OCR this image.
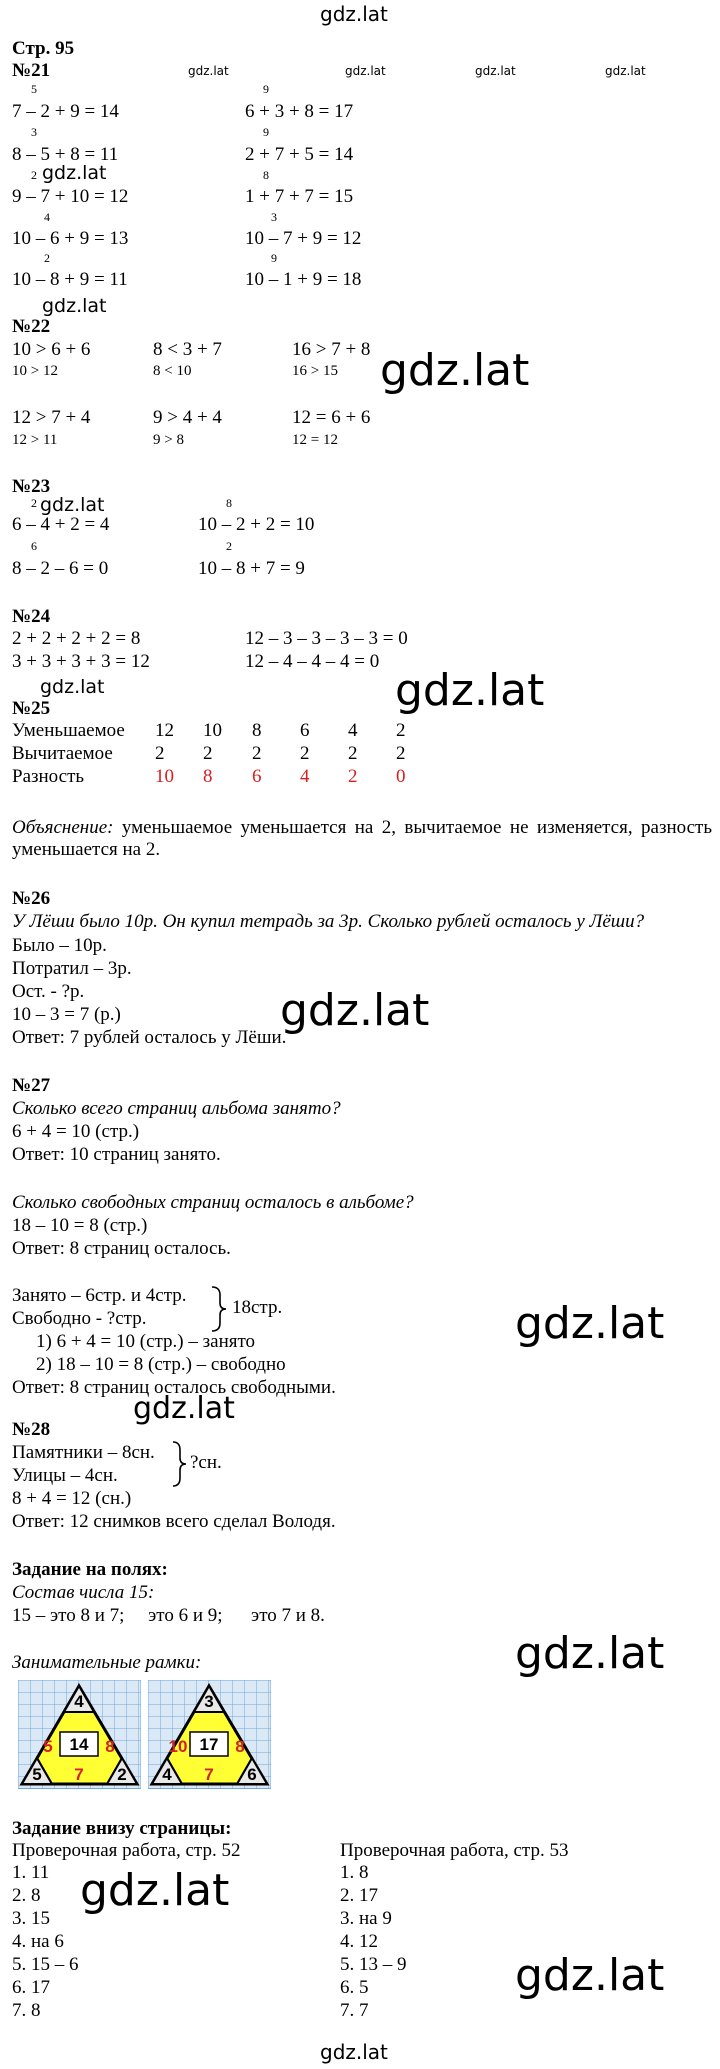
gdz.lat
Стр. 95
№21	gdz.lat	gdz.lat	gdz.lat	gdz.lat
5
7 – 2 + 9 = 14
3
8 – 5 + 8 = 11
2
9 – 7 + 10 = 12
4
10 – 6 + 9 = 13
2
10 – 8 + 9 = 11
gdz.lat
9
6 + 3 + 8 = 17
9
2 + 7 + 5 = 14
8
1 + 7 + 7 = 15
3
10 – 7 + 9 = 12
9
10 – 1 + 9 = 18
gdz.lat
№22
10 > 6 + 6
10 > 12
8 < 3 + 7
8 < 10
16 > 7 + 8
16 > 15
12 > 7 + 4
12 > 11
9 > 4 + 4
9 > 8
12 = 6 + 6
12 = 12
gdz.lat
№23
gdz.lat
2
6 – 4 + 2 = 4
6
8 – 2 – 6 = 0
8
10 – 2 + 2 = 10
2
10 – 8 + 7 = 9
№24
2 + 2 + 2 + 2 = 8
3 + 3 + 3 + 3 = 12
12 – 3 – 3 – 3 – 3 = 0
12 – 4 – 4 – 4 = 0
gdz.lat	gdz.lat
№25
Уменьшаемое	12	10	8	6	4	2
Вычитаемое	2	2	2	2	2	2
Разность	10	8	6	4	2	0
Объяснение: уменьшаемое уменьшается на 2, вычитаемое не изменяется, разность уменьшается на 2.
№26
У Лёши было 10р. Он купил тетрадь за 3р. Сколько рублей осталось у Лёши?
Было – 10р.
Потратил – 3р.
Ост. - ?р.
10 – 3 = 7 (р.)
Ответ: 7 рублей осталось у Лёши.
gdz.lat
№27
Сколько всего страниц альбома занято?
6 + 4 = 10 (стр.)
Ответ: 10 страниц занято.
Сколько свободных страниц осталось в альбоме?
18 – 10 = 8 (стр.)
Ответ: 8 страниц осталось.
Занято – 6стр. и 4стр.
Свободно - ?стр.
18стр.
1) 6 + 4 = 10 (стр.) – занято
2) 18 – 10 = 8 (стр.) – свободно
Ответ: 8 страниц осталось свободными.
gdz.lat
gdz.lat
№28
Памятники – 8сн.
Улицы – 4сн.
?сн.
8 + 4 = 12 (сн.)
Ответ: 12 снимков всего сделал Володя.
Задание на полях:
Состав числа 15:
15 – это 8 и 7;     это 6 и 9;      это 7 и 8.
gdz.lat
Занимательные рамки:
4
5	8
14
5 7 2
3
10	8
17
4 7 6
Задание внизу страницы:
Проверочная работа, стр. 52
1. 11
2. 8
3. 15
4. на 6
5. 15 – 6
6. 17
7. 8
Проверочная работа, стр. 53
1. 8
2. 17
3. на 9
4. 12
5. 13 – 9
6. 5
7. 7
gdz.lat
gdz.lat
gdz.lat
